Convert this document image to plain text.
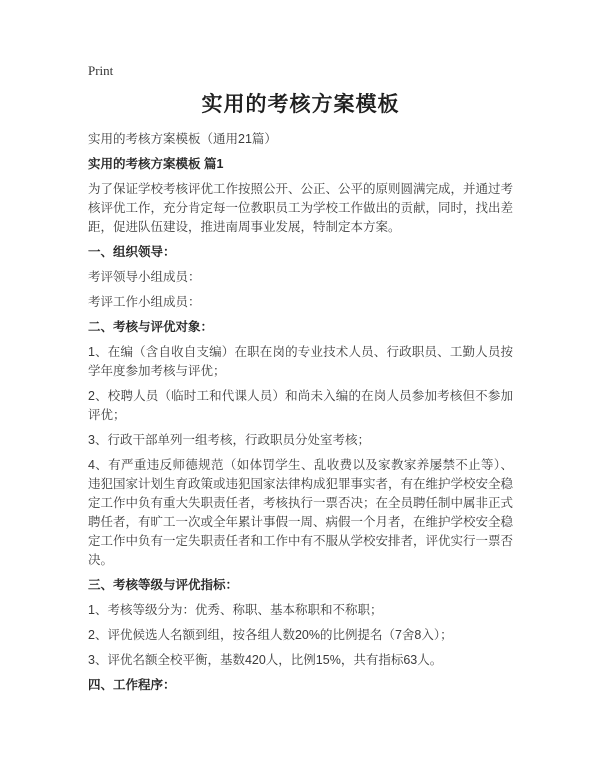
Print
实用的考核方案模板
实用的考核方案模板（通用21篇）
实用的考核方案模板 篇1
为了保证学校考核评优工作按照公开、公正、公平的原则圆满完成，并通过考核评优工作，充分肯定每一位教职员工为学校工作做出的贡献，同时，找出差距，促进队伍建设，推进南周事业发展，特制定本方案。
一、组织领导：
考评领导小组成员：
考评工作小组成员：
二、考核与评优对象：
1、在编（含自收自支编）在职在岗的专业技术人员、行政职员、工勤人员按学年度参加考核与评优；
2、校聘人员（临时工和代课人员）和尚未入编的在岗人员参加考核但不参加评优；
3、行政干部单列一组考核，行政职员分处室考核；
4、有严重违反师德规范（如体罚学生、乱收费以及家教家养屡禁不止等）、违犯国家计划生育政策或违犯国家法律构成犯罪事实者，有在维护学校安全稳定工作中负有重大失职责任者，考核执行一票否决；在全员聘任制中属非正式聘任者，有旷工一次或全年累计事假一周、病假一个月者，在维护学校安全稳定工作中负有一定失职责任者和工作中有不服从学校安排者，评优实行一票否决。
三、考核等级与评优指标：
1、考核等级分为：优秀、称职、基本称职和不称职；
2、评优候选人名额到组，按各组人数20%的比例提名（7舍8入）；
3、评优名额全校平衡，基数420人，比例15%，共有指标63人。
四、工作程序：
